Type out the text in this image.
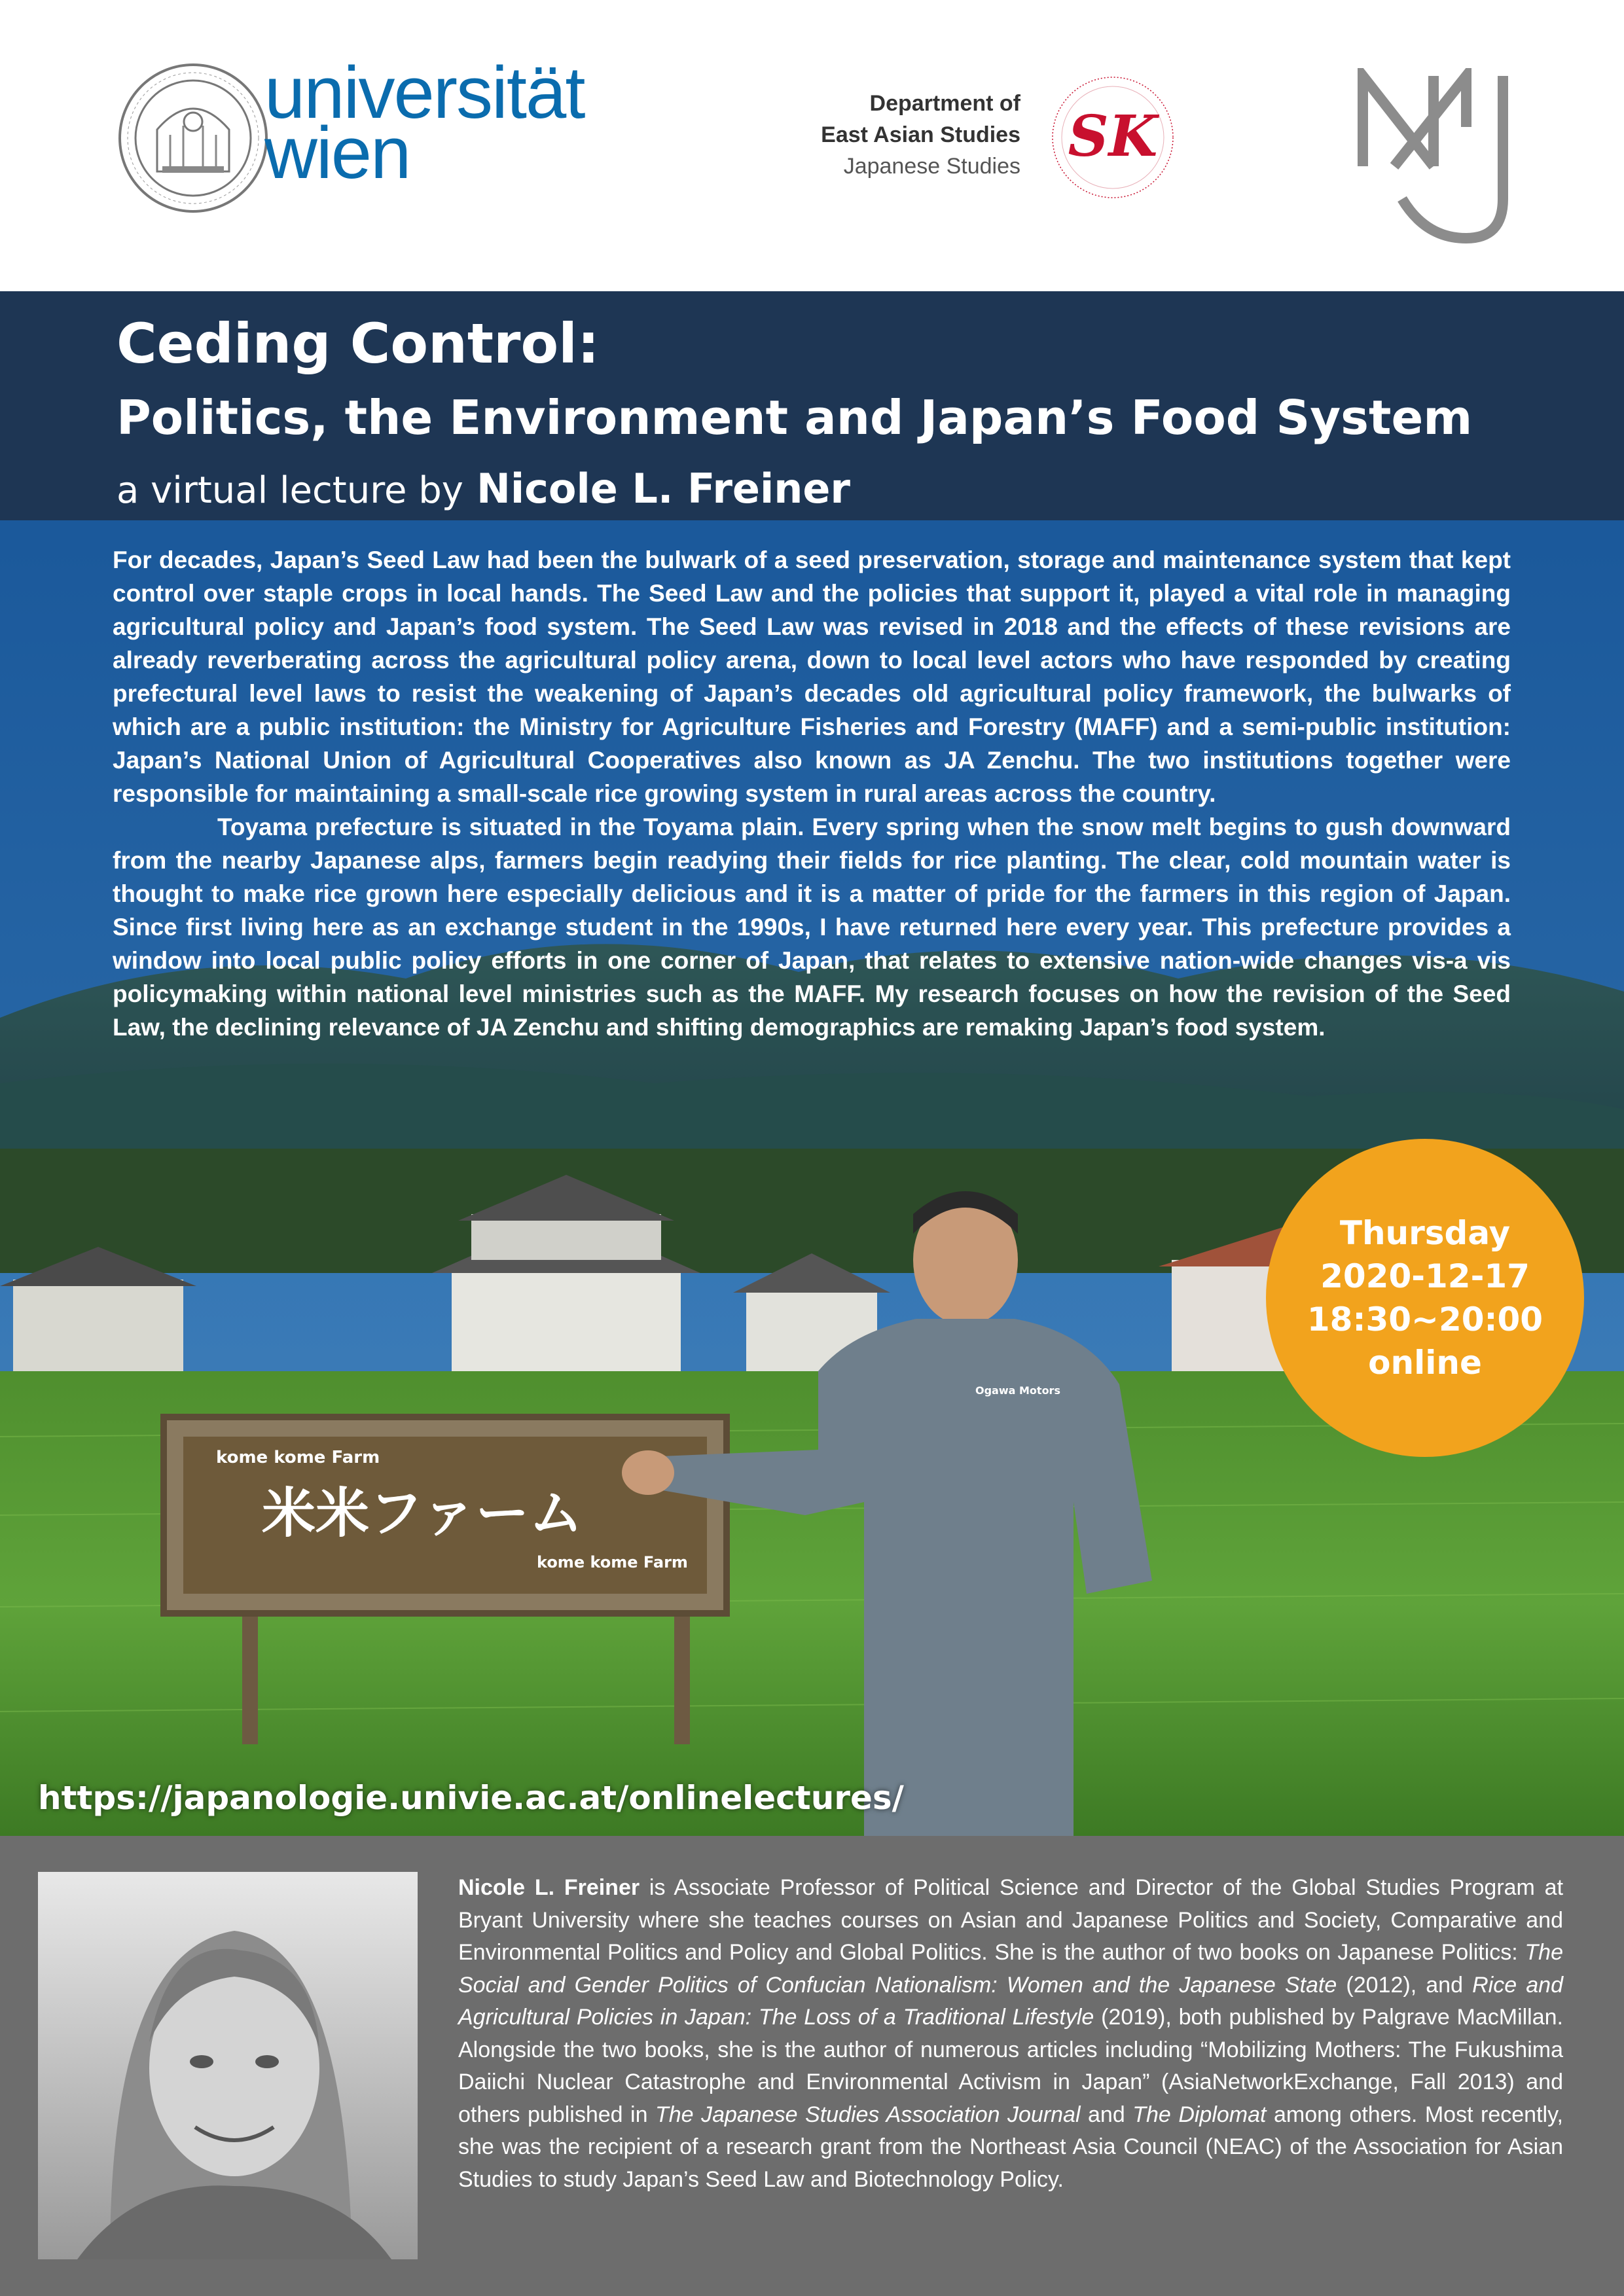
universität
wien
Department of
East Asian Studies
Japanese Studies SK
Ceding Control:
Politics, the Environment and Japan’s Food System
a virtual lecture by Nicole L. Freiner
kome kome Farm
米米ファーム
kome kome Farm
Ogawa Motors

For decades, Japan’s Seed Law had been the bulwark of a seed preservation, storage and maintenance system that kept control over staple crops in local hands. The Seed Law and the policies that support it, played a vital role in managing agricultural policy and Japan’s food system. The Seed Law was revised in 2018 and the effects of these revisions are already reverberating across the agricultural policy arena, down to local level actors who have responded by creating prefectural level laws to resist the weakening of Japan’s decades old agricultural policy framework, the bulwarks of which are a public institution: the Ministry for Agriculture Fisheries and Forestry (MAFF) and a semi-public institution: Japan’s National Union of Agricultural Cooperatives also known as JA Zenchu. The two institutions together were responsible for maintaining a small-scale rice growing system in rural areas across the country.

Toyama prefecture is situated in the Toyama plain. Every spring when the snow melt begins to gush downward from the nearby Japanese alps, farmers begin readying their fields for rice planting. The clear, cold mountain water is thought to make rice grown here especially delicious and it is a matter of pride for the farmers in this region of Japan. Since first living here as an exchange student in the 1990s, I have returned here every year. This prefecture provides a window into local public policy efforts in one corner of Japan, that relates to extensive nation-wide changes vis-a vis policymaking within national level ministries such as the MAFF. My research focuses on how the revision of the Seed Law, the declining relevance of JA Zenchu and shifting demographics are remaking Japan’s food system.

Thursday
2020-12-17
18:30~20:00
online
https://japanologie.univie.ac.at/onlinelectures/
Nicole L. Freiner is Associate Professor of Political Science and Director of the Global Studies Program at Bryant University where she teaches courses on Asian and Japanese Politics and Society, Comparative and Environmental Politics and Policy and Global Politics. She is the author of two books on Japanese Politics: The Social and Gender Politics of Confucian Nationalism: Women and the Japanese State (2012), and Rice and Agricultural Policies in Japan: The Loss of a Traditional Lifestyle (2019), both published by Palgrave MacMillan. Alongside the two books, she is the author of numerous articles including “Mobilizing Mothers: The Fukushima Daiichi Nuclear Catastrophe and Environmental Activism in Japan” (AsiaNetworkExchange, Fall 2013) and others published in The Japanese Studies Association Journal and The Diplomat among others. Most recently, she was the recipient of a research grant from the Northeast Asia Council (NEAC) of the Association for Asian Studies to study Japan’s Seed Law and Biotechnology Policy.
